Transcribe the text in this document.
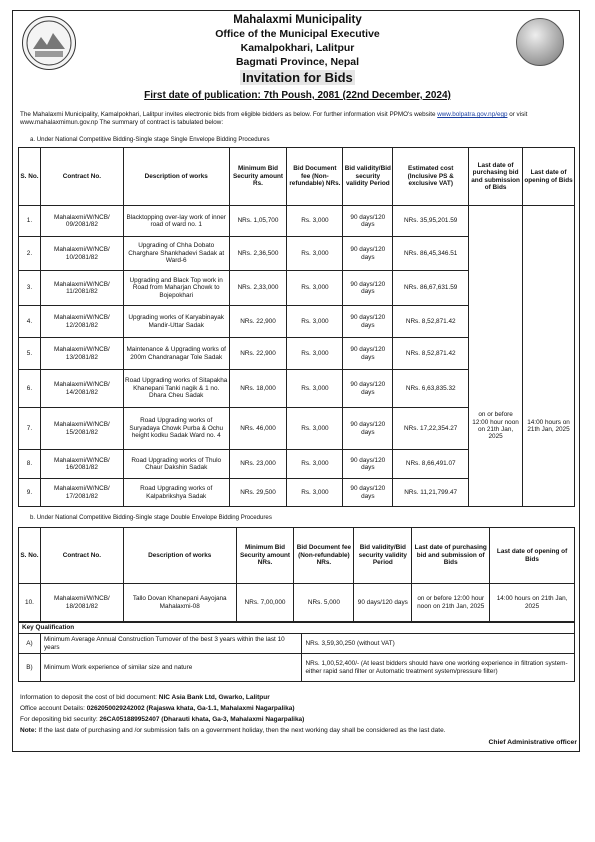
Mahalaxmi Municipality
Office of the Municipal Executive
Kamalpokhari, Lalitpur
Bagmati Province, Nepal
Invitation for Bids
First date of publication: 7th Poush, 2081 (22nd December, 2024)
The Mahalaxmi Municipality, Kamalpokhari, Lalitpur invites electronic bids from eligible bidders as below. For further information visit PPMO's website www.bolpatra.gov.np/egp or visit www.mahalaxmimun.gov.np The summary of contract is tabulated below:
a. Under National Competitive Bidding-Single stage Single Envelope Bidding Procedures
S. No.	Contract No.	Description of works	Minimum Bid Security amount Rs.	Bid Document fee (Non-refundable) NRs.	Bid validity/Bid security validity Period	Estimated cost (Inclusive PS & exclusive VAT)	Last date of purchasing bid and submission of Bids	Last date of opening of Bids
1.	Mahalaxmi/W/NCB/ 09/2081/82	Blacktopping over-lay work of inner road of ward no. 1	NRs. 1,05,700	Rs. 3,000	90 days/120 days	NRs. 35,95,201.59	on or before 12:00 hour noon on 21th Jan, 2025	14:00 hours on 21th Jan, 2025
2.	Mahalaxmi/W/NCB/ 10/2081/82	Upgrading of Chha Dobato Charghare Shankhadevi Sadak at Ward-6	NRs. 2,36,500	Rs. 3,000	90 days/120 days	NRs. 86,45,346.51		
3.	Mahalaxmi/W/NCB/ 11/2081/82	Upgrading and Black Top work in Road from Maharjan Chowk to Bojepokhari	NRs. 2,33,000	Rs. 3,000	90 days/120 days	NRs. 86,67,631.59		
4.	Mahalaxmi/W/NCB/ 12/2081/82	Upgrading works of Karyabinayak Mandir-Uttar Sadak	NRs. 22,900	Rs. 3,000	90 days/120 days	NRs. 8,52,871.42		
5.	Mahalaxmi/W/NCB/ 13/2081/82	Maintenance & Upgrading works of 200m Chandranagar Tole Sadak	NRs. 22,900	Rs. 3,000	90 days/120 days	NRs. 8,52,871.42		
6.	Mahalaxmi/W/NCB/ 14/2081/82	Road Upgrading works of Sitapakha Khanepani Tanki nagik & 1 no. Dhara Cheu Sadak	NRs. 18,000	Rs. 3,000	90 days/120 days	NRs. 6,63,835.32		
7.	Mahalaxmi/W/NCB/ 15/2081/82	Road Upgrading works of Suryadaya Chowk Purba & Ochu height kodku Sadak Ward no. 4	NRs. 46,000	Rs. 3,000	90 days/120 days	NRs. 17,22,354.27		
8.	Mahalaxmi/W/NCB/ 16/2081/82	Road Upgrading works of Thulo Chaur Dakshin Sadak	NRs. 23,000	Rs. 3,000	90 days/120 days	NRs. 8,66,491.07		
9.	Mahalaxmi/W/NCB/ 17/2081/82	Road Upgrading works of Kalpabrikshya Sadak	NRs. 29,500	Rs. 3,000	90 days/120 days	NRs. 11,21,799.47		
b. Under National Competitive Bidding-Single stage Double Envelope Bidding Procedures
S. No.	Contract No.	Description of works	Minimum Bid Security amount NRs.	Bid Document fee (Non-refundable) NRs.	Bid validity/Bid security validity Period	Last date of purchasing bid and submission of Bids	Last date of opening of Bids
10.	Mahalaxmi/W/NCB/ 18/2081/82	Tallo Dovan Khanepani Aayojana Mahalaxmi-08	NRs. 7,00,000	NRs. 5,000	90 days/120 days	on or before 12:00 hour noon on 21th Jan, 2025	14:00 hours on 21th Jan, 2025
Key Qualification		
A)	Minimum Average Annual Construction Turnover of the best 3 years within the last 10 years	NRs. 3,59,30,250 (without VAT)
B)	Minimum Work experience of similar size and nature	NRs. 1,00,52,400/- (At least bidders should have one working experience in filtration system- either rapid sand filter or Automatic treatment system/pressure filter)
Information to deposit the cost of bid document: NIC Asia Bank Ltd, Gwarko, Lalitpur
Office account Details: 026205002924200​2 (Rajaswa khata, Ga-1.1, Mahalaxmi Nagarpalika)
For depositing bid security: 26CA051889952407 (Dharauti khata, Ga-3, Mahalaxmi Nagarpalika)
Note: If the last date of purchasing and /or submission falls on a government holiday, then the next working day shall be considered as the last date.
Chief Administrative officer
